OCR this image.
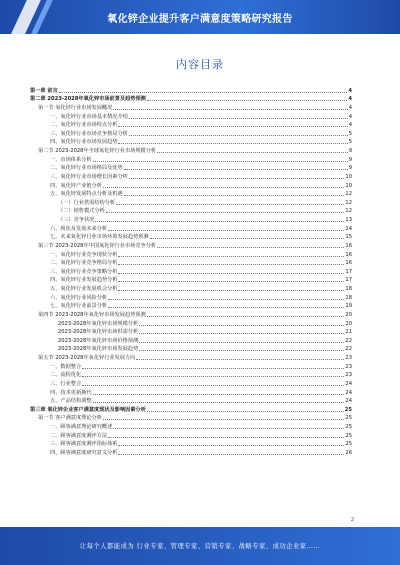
氧化锌企业提升客户满意度策略研究报告
内容目录
第一章 前言	4
第二章 2023-2028年氧化锌市场前景及趋势预测	4
第一节 氧化锌行业市场发展概况	4
一、氧化锌行业市场基本情况介绍	4
二、氧化锌行业市场特点分析	4
三、氧化锌行业市场竞争格局分析	5
四、氧化锌行业市场发展趋势	5
第二节 2023-2028年全球氧化锌行业市场规模分析	9
一、市场体系分析	9
二、氧化锌行业市场格局及优势	9
三、氧化锌行业市场增长因素分析	10
四、氧化锌产业链分析	10
五、氧化锌发展特点分析及机遇	12
（一）行业供需结构分析	12
（二）销售模式分析	12
（三）竞争状况	13
六、现状及发展未来分析	14
七、未来氧化锌行业市场环境发展趋势预测	15
第三节 2023-2028年中国氧化锌行业市场竞争分析	16
一、氧化锌行业竞争现状分析	16
二、氧化锌行业竞争格局分析	16
三、氧化锌行业竞争策略分析	17
四、氧化锌行业发展趋势分析	17
五、氧化锌行业发展机会分析	18
六、氧化锌行业风险分析	18
七、氧化锌行业前景分析	19
第四节 2023-2028年氧化锌市场发展趋势预测	20
2023-2028年氧化锌市场规模分析	20
2023-2028年氧化锌市场供需分析	21
2023-2028年氧化锌市场价格预测	22
2023-2028年氧化锌市场发展趋势	22
第五节 2023-2028年氧化锌行业发展方向	23
一、数据整合	23
二、流程优化	23
三、行业整合	24
四、技术更新换代	24
五、产品结构调整	24
第三章 氧化锌企业客户满意度现状及影响因素分析	25
第一节 客户满意度理论分析	25
一、顾客满意理论研究概述	25
二、顾客满意度测评方法	25
三、顾客满意度测评指标体系	25
四、顾客满意度研究意义分析	26
2
让每个人都能成为 行业专家、管理专家、营销专家、战略专家、成功企业家……
